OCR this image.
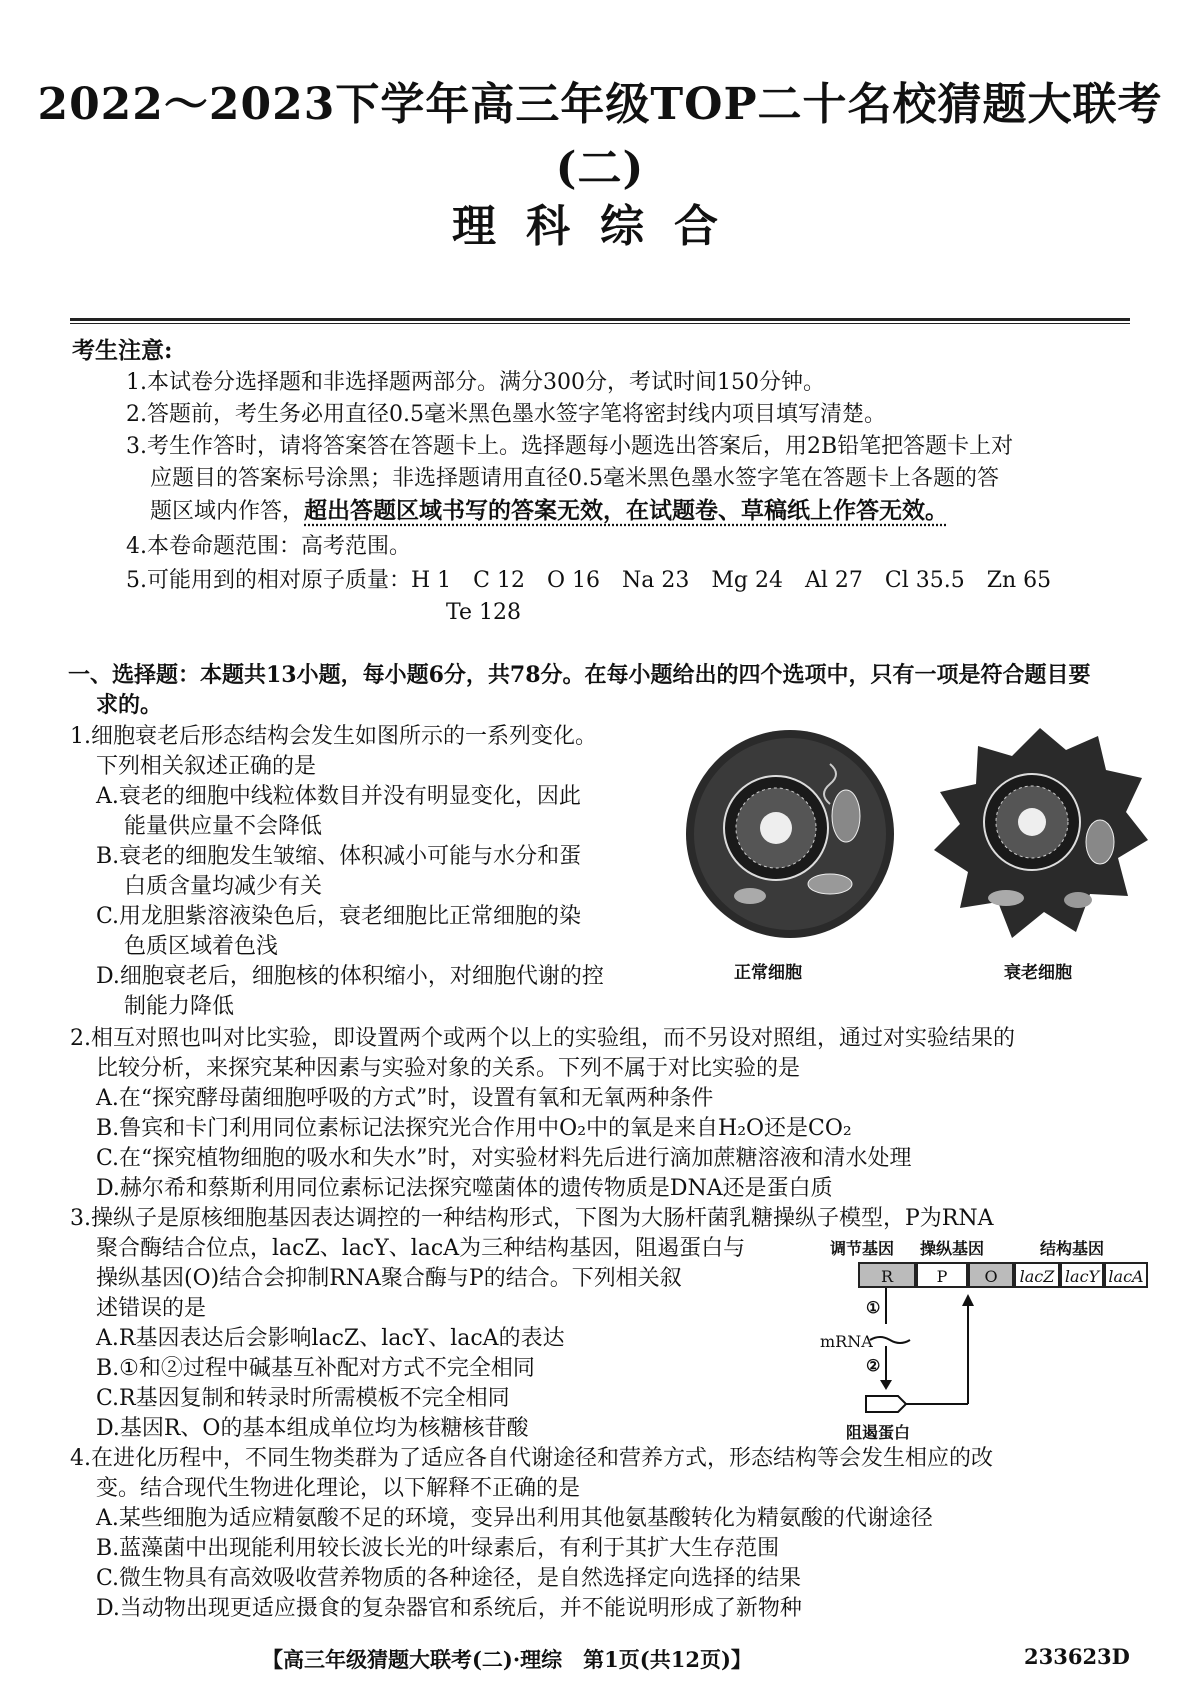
2022～2023下学年高三年级TOP二十名校猜题大联考(二)
理科综合
考生注意:
1.本试卷分选择题和非选择题两部分。满分300分，考试时间150分钟。
2.答题前，考生务必用直径0.5毫米黑色墨水签字笔将密封线内项目填写清楚。
3.考生作答时，请将答案答在答题卡上。选择题每小题选出答案后，用2B铅笔把答题卡上对
应题目的答案标号涂黑；非选择题请用直径0.5毫米黑色墨水签字笔在答题卡上各题的答
题区域内作答，超出答题区域书写的答案无效，在试题卷、草稿纸上作答无效。
4.本卷命题范围：高考范围。
5.可能用到的相对原子质量：H 1　C 12　O 16　Na 23　Mg 24　Al 27　Cl 35.5　Zn 65
Te 128
一、选择题：本题共13小题，每小题6分，共78分。在每小题给出的四个选项中，只有一项是符合题目要
求的。
1.细胞衰老后形态结构会发生如图所示的一系列变化。
下列相关叙述正确的是
A.衰老的细胞中线粒体数目并没有明显变化，因此
能量供应量不会降低
B.衰老的细胞发生皱缩、体积减小可能与水分和蛋
白质含量均减少有关
C.用龙胆紫溶液染色后，衰老细胞比正常细胞的染
色质区域着色浅
D.细胞衰老后，细胞核的体积缩小，对细胞代谢的控
制能力降低
正常细胞	衰老细胞
2.相互对照也叫对比实验，即设置两个或两个以上的实验组，而不另设对照组，通过对实验结果的
比较分析，来探究某种因素与实验对象的关系。下列不属于对比实验的是
A.在“探究酵母菌细胞呼吸的方式”时，设置有氧和无氧两种条件
B.鲁宾和卡门利用同位素标记法探究光合作用中O₂中的氧是来自H₂O还是CO₂
C.在“探究植物细胞的吸水和失水”时，对实验材料先后进行滴加蔗糖溶液和清水处理
D.赫尔希和蔡斯利用同位素标记法探究噬菌体的遗传物质是DNA还是蛋白质
3.操纵子是原核细胞基因表达调控的一种结构形式，下图为大肠杆菌乳糖操纵子模型，P为RNA
聚合酶结合位点，lacZ、lacY、lacA为三种结构基因，阻遏蛋白与
操纵基因(O)结合会抑制RNA聚合酶与P的结合。下列相关叙
述错误的是
A.R基因表达后会影响lacZ、lacY、lacA的表达
B.①和②过程中碱基互补配对方式不完全相同
C.R基因复制和转录时所需模板不完全相同
D.基因R、O的基本组成单位均为核糖核苷酸
调节基因 操纵基因	结构基因
R	P	O	lacZ lacY lacA
①
mRNA
②
阻遏蛋白
4.在进化历程中，不同生物类群为了适应各自代谢途径和营养方式，形态结构等会发生相应的改
变。结合现代生物进化理论，以下解释不正确的是
A.某些细胞为适应精氨酸不足的环境，变异出利用其他氨基酸转化为精氨酸的代谢途径
B.蓝藻菌中出现能利用较长波长光的叶绿素后，有利于其扩大生存范围
C.微生物具有高效吸收营养物质的各种途径，是自然选择定向选择的结果
D.当动物出现更适应摄食的复杂器官和系统后，并不能说明形成了新物种
【高三年级猜题大联考(二)·理综　第1页(共12页)】	233623D
